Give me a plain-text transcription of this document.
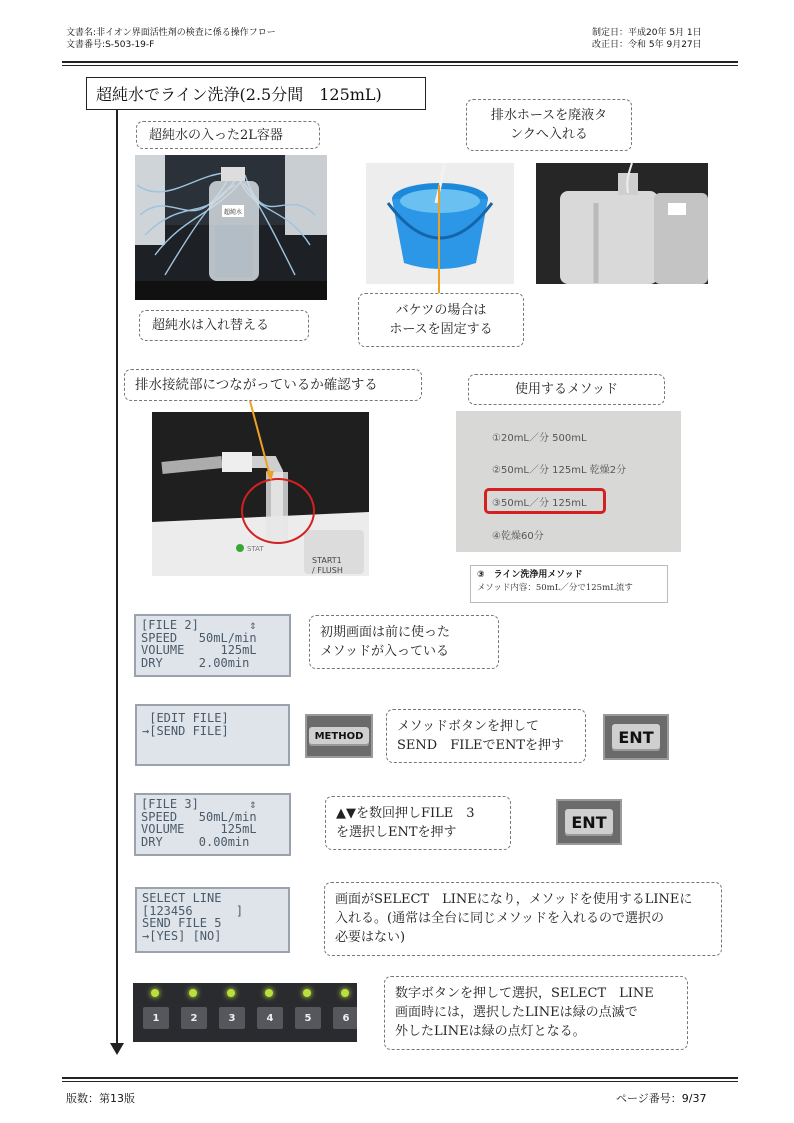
文書名:非イオン界面活性剤の検査に係る操作フロー
文書番号:S-503-19-F
制定日：平成20年 5月 1日
改正日：令和 5年 9月27日
超純水でライン洗浄(2.5分間　125mL)
超純水の入った2L容器
排水ホースを廃液タ
ンクへ入れる
超純水
超純水は入れ替える
バケツの場合は
ホースを固定する
排水接続部につながっているか確認する	使用するメソッド
STAT
START1
/ FLUSH
①20mL／分 500mL
②50mL／分 125mL 乾燥2分
③50mL／分 125mL
④乾燥60分
③　ライン洗浄用メソッド
メソッド内容：50mL／分で125mL流す
[FILE 2]       ⇕
SPEED   50mL/min
VOLUME     125mL
DRY     2.00min
初期画面は前に使った
メソッドが入っている
[EDIT FILE]
→[SEND FILE]	METHOD
メソッドボタンを押して
SEND　FILEでENTを押す	ENT
[FILE 3]       ⇕
SPEED   50mL/min
VOLUME     125mL
DRY     0.00min
▲▼を数回押しFILE　3
を選択しENTを押す
ENT
SELECT LINE
[123456      ]
SEND FILE 5
→[YES] [NO]
画面がSELECT　LINEになり，メソッドを使用するLINEに
入れる。(通常は全台に同じメソッドを入れるので選択の
必要はない)
1	2	3	4	5	6
数字ボタンを押して選択，SELECT　LINE
画面時には，選択したLINEは緑の点滅で
外したLINEは緑の点灯となる。
版数：第13版	ページ番号：9/37
